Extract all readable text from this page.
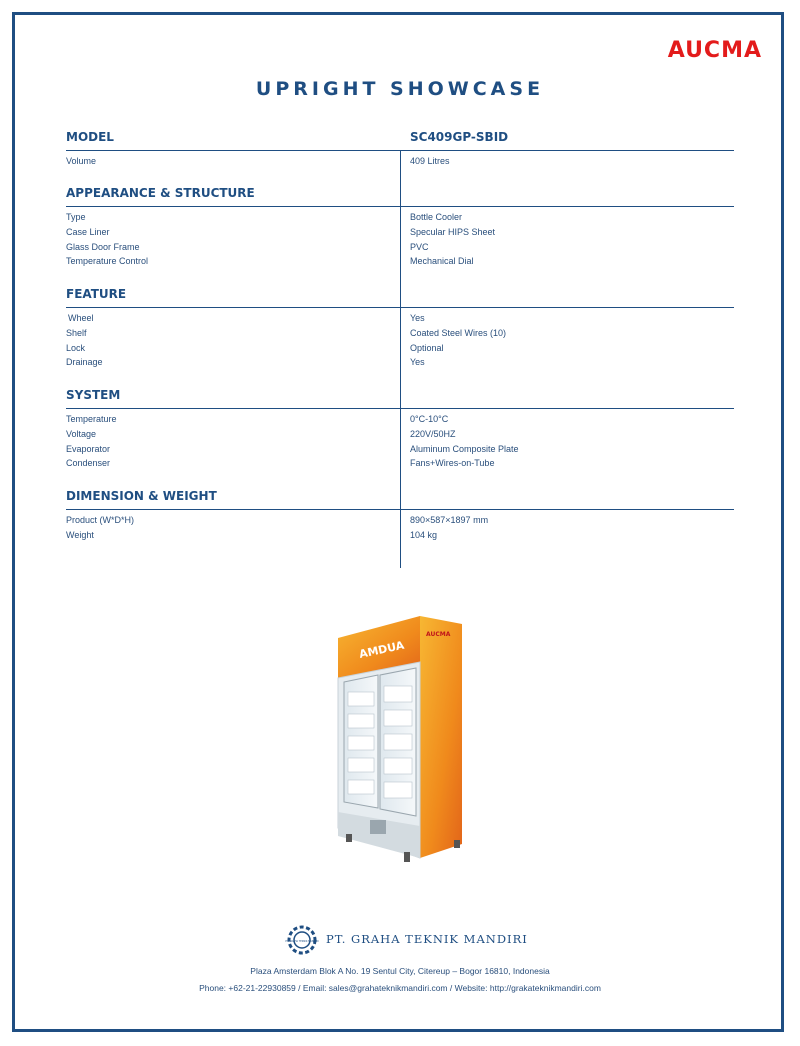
AUCMA
UPRIGHT SHOWCASE
MODEL	SC409GP-SBID
Volume	409 Litres
APPEARANCE & STRUCTURE
Type	Bottle Cooler
Case Liner	Specular HIPS Sheet
Glass Door Frame	PVC
Temperature Control	Mechanical Dial
FEATURE
Wheel	Yes
Shelf	Coated Steel Wires (10)
Lock	Optional
Drainage	Yes
SYSTEM
Temperature	0°C-10°C
Voltage	220V/50HZ
Evaporator	Aluminum Composite Plate
Condenser	Fans+Wires-on-Tube
DIMENSION & WEIGHT
Product (W*D*H)	890×587×1897 mm
Weight	104 kg
AMDUA
AUCMA
PT. GRAHA TEKNIK MANDIRI PT. GRAHA TEKNIK MANDIRI
Plaza Amsterdam Blok A No. 19 Sentul City, Citereup – Bogor 16810, Indonesia
Phone: +62-21-22930859 / Email: sales@grahateknikmandiri.com / Website: http://grakateknikmandiri.com
